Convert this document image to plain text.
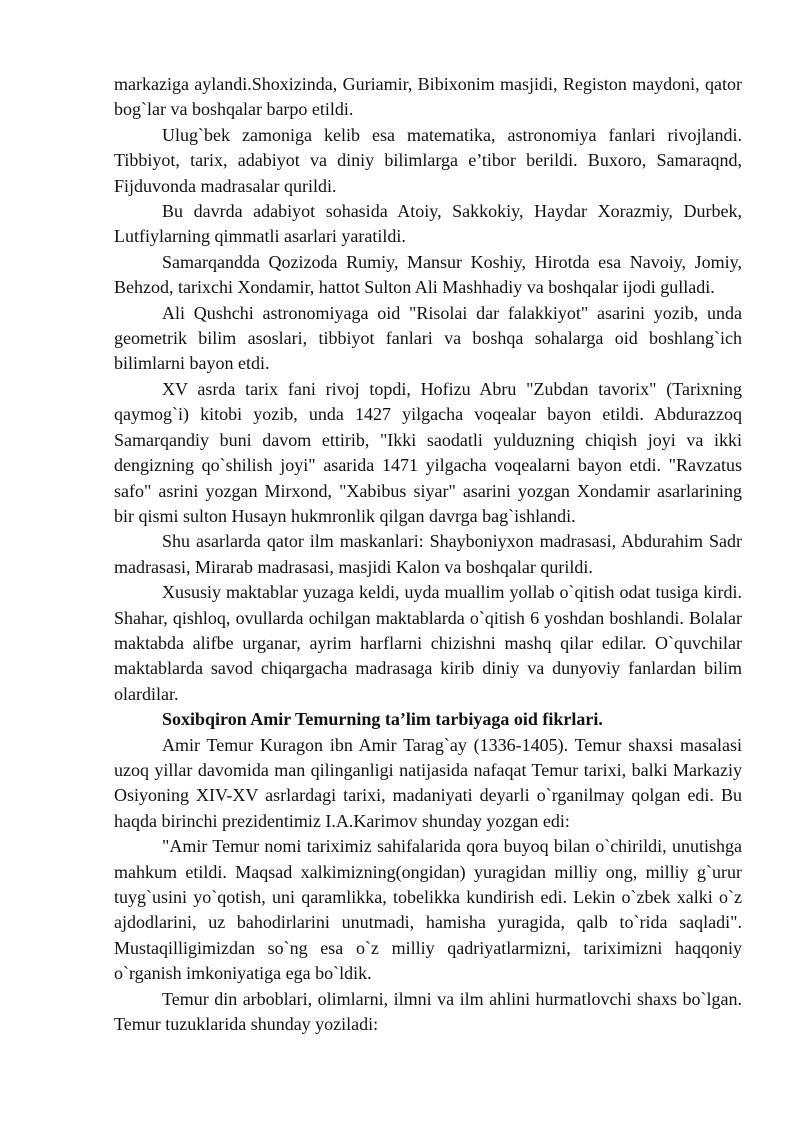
markaziga aylandi.Shoxizinda, Guriamir, Bibixonim masjidi, Registon maydoni, qator bog`lar va boshqalar barpo etildi.

Ulug`bek zamoniga kelib esa matematika, astronomiya fanlari rivojlandi. Tibbiyot, tarix, adabiyot va diniy bilimlarga e’tibor berildi. Buxoro, Samaraqnd, Fijduvonda madrasalar qurildi.

Bu davrda adabiyot sohasida Atoiy, Sakkokiy, Haydar Xorazmiy, Durbek, Lutfiylarning qimmatli asarlari yaratildi.

Samarqandda Qozizoda Rumiy, Mansur Koshiy, Hirotda esa Navoiy, Jomiy, Behzod, tarixchi Xondamir, hattot Sulton Ali Mashhadiy va boshqalar ijodi gulladi.

Ali Qushchi astronomiyaga oid "Risolai dar falakkiyot" asarini yozib, unda geometrik bilim asoslari, tibbiyot fanlari va boshqa sohalarga oid boshlang`ich bilimlarni bayon etdi.

XV asrda tarix fani rivoj topdi, Hofizu Abru "Zubdan tavorix" (Tarixning qaymog`i) kitobi yozib, unda 1427 yilgacha voqealar bayon etildi. Abdurazzoq Samarqandiy buni davom ettirib, "Ikki saodatli yulduzning chiqish joyi va ikki dengizning qo`shilish joyi" asarida 1471 yilgacha voqealarni bayon etdi. "Ravzatus safo" asrini yozgan Mirxond, "Xabibus siyar" asarini yozgan Xondamir asarlarining bir qismi sulton Husayn hukmronlik qilgan davrga bag`ishlandi.

Shu asarlarda qator ilm maskanlari: Shayboniyxon madrasasi, Abdurahim Sadr madrasasi, Mirarab madrasasi, masjidi Kalon va boshqalar qurildi.

Xususiy maktablar yuzaga keldi, uyda muallim yollab o`qitish odat tusiga kirdi. Shahar, qishloq, ovullarda ochilgan maktablarda o`qitish 6 yoshdan boshlandi. Bolalar maktabda alifbe urganar, ayrim harflarni chizishni mashq qilar edilar. O`quvchilar maktablarda savod chiqargacha madrasaga kirib diniy va dunyoviy fanlardan bilim olardilar.

Soxibqiron Amir Temurning ta’lim tarbiyaga oid fikrlari.

Amir Temur Kuragon ibn Amir Tarag`ay (1336-1405). Temur shaxsi masalasi uzoq yillar davomida man qilinganligi natijasida nafaqat Temur tarixi, balki Markaziy Osiyoning XIV-XV asrlardagi tarixi, madaniyati deyarli o`rganilmay qolgan edi. Bu haqda birinchi prezidentimiz I.A.Karimov shunday yozgan edi:

"Amir Temur nomi tariximiz sahifalarida qora buyoq bilan o`chirildi, unutishga mahkum etildi. Maqsad xalkimizning(ongidan) yuragidan milliy ong, milliy g`urur tuyg`usini yo`qotish, uni qaramlikka, tobelikka kundirish edi. Lekin o`zbek xalki o`z ajdodlarini, uz bahodirlarini unutmadi, hamisha yuragida, qalb to`rida saqladi". Mustaqilligimizdan so`ng esa o`z milliy qadriyatlarmizni, tariximizni haqqoniy o`rganish imkoniyatiga ega bo`ldik.

Temur din arboblari, olimlarni, ilmni va ilm ahlini hurmatlovchi shaxs bo`lgan. Temur tuzuklarida shunday yoziladi:
